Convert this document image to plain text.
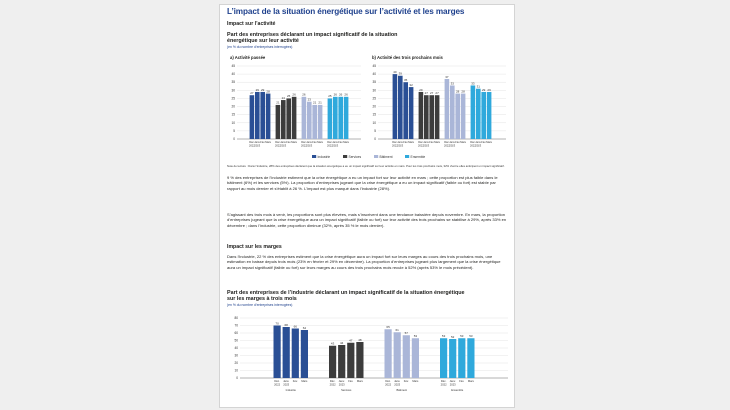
L’impact de la situation énergétique sur l’activité et les marges
Impact sur l’activité
Part des entreprises déclarant un impact significatif de la situation énergétique sur leur activité
(en % du nombre d’entreprises interrogées)
a) Activité passée	b) Activité des trois prochains mois
0
5
10
15
20
25
30
35
40
45
27
Déc.
2022
29
Janv.
2023
29
Fév.
28
Mars
21
Déc.
2022
24
Janv.
2023
25
Fév.
26
Mars
26
Déc.
2022
23
Janv.
2023
21
Fév.
21
Mars
25
Déc.
2022
26
Janv.
2023
26
Fév.
26
Mars
0
5
10
15
20
25
30
35
40
45
40
Déc.
2022
39
Janv.
2023
35
Fév.
32
Mars
29
Déc.
2022
27
Janv.
2023
27
Fév.
27
Mars
37
Déc.
2022
33
Janv.
2023
28
Fév.
28
Mars
33
Déc.
2022
31
Janv.
2023
29
Fév.
29
Mars
Industrie	Services	Bâtiment	Ensemble
Note de lecture : Dans l’industrie, 28% des entreprises déclarent que la situation énergétique a eu un impact significatif sur leur activité en mars. Pour les trois prochains mois, 32% d’entre elles anticipent un impact significatif.
9 % des entreprises de l’industrie estiment que la crise énergétique a eu un impact fort sur leur activité en mars ; cette proportion est plus faible dans le bâtiment (6%) et les services (5%). La proportion d’entreprises jugeant que la crise énergétique a eu un impact significatif (faible ou fort) est stable par rapport au mois dernier et s’établit à 26 %. L’impact est plus marqué dans l’industrie (28%).
S’agissant des trois mois à venir, les proportions sont plus élevées, mais s’inscrivent dans une tendance baissière depuis novembre. En mars, la proportion d’entreprises jugeant que la crise énergétique aura un impact significatif (faible ou fort) sur leur activité des trois prochains se stabilise à 29%, après 33% en décembre ; dans l’industrie, cette proportion diminue (32%, après 35 % le mois dernier).
Impact sur les marges
Dans l’industrie, 22 % des entreprises estiment que la crise énergétique aura un impact fort sur leurs marges au cours des trois prochains mois, une estimation en baisse depuis trois mois (23% en février et 29% en décembre). La proportion d’entreprises jugeant plus largement que la crise énergétique aura un impact significatif (faible ou fort) sur leurs marges au cours des trois prochains mois recule à 52% (après 53% le mois précédent).
Part des entreprises de l’industrie déclarant un impact significatif de la situation énergétique sur les marges à trois mois
(en % du nombre d’entreprises interrogées)
0
10
20
30
40
50
60
70
80
70
Déc.
2022
68
Janv.
2023
66
Fév.
64
Mars
Industrie
43
Déc.
2022
44
Janv.
2023
47
Fév.
48
Mars
Services
65
Déc.
2022
61
Janv.
2023
57
Fév.
53
Mars
Bâtiment
53
Déc.
2022
52
Janv.
2023
53
Fév.
53
Mars
Ensemble
